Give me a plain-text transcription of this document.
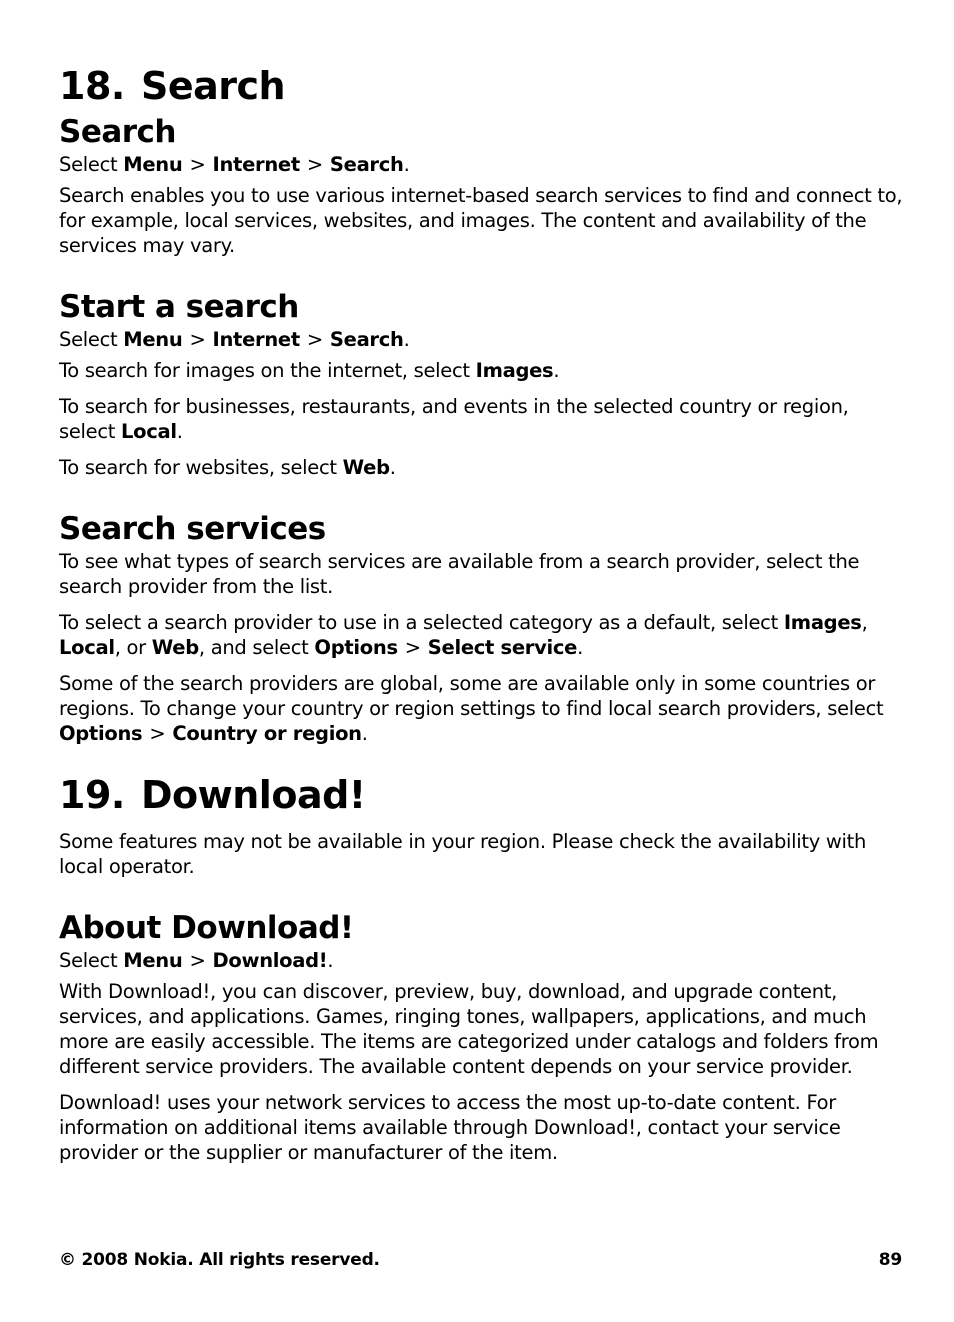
18. Search
Search

Select Menu > Internet > Search.

Search enables you to use various internet-based search services to find and connect to, for example, local services, websites, and images. The content and availability of the services may vary.

Start a search

Select Menu > Internet > Search.

To search for images on the internet, select Images.

To search for businesses, restaurants, and events in the selected country or region, select Local.

To search for websites, select Web.

Search services

To see what types of search services are available from a search provider, select the search provider from the list.

To select a search provider to use in a selected category as a default, select Images, Local, or Web, and select Options > Select service.

Some of the search providers are global, some are available only in some countries or regions. To change your country or region settings to find local search providers, select Options > Country or region.

19. Download!

Some features may not be available in your region. Please check the availability with local operator.

About Download!

Select Menu > Download!.

With Download!, you can discover, preview, buy, download, and upgrade content, services, and applications. Games, ringing tones, wallpapers, applications, and much more are easily accessible. The items are categorized under catalogs and folders from different service providers. The available content depends on your service provider.

Download! uses your network services to access the most up-to-date content. For information on additional items available through Download!, contact your service provider or the supplier or manufacturer of the item.

© 2008 Nokia. All rights reserved.	89
